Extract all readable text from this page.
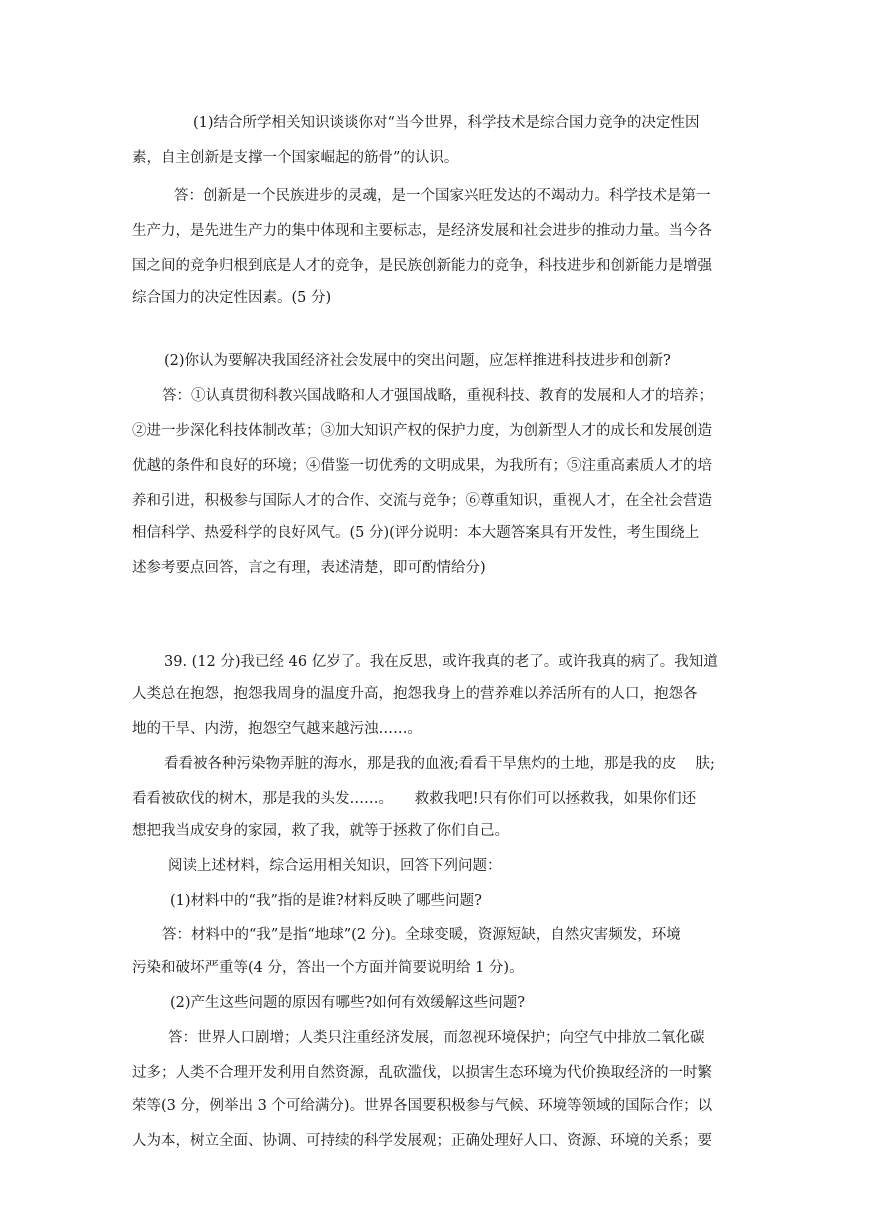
(1)结合所学相关知识谈谈你对“当今世界，科学技术是综合国力竞争的决定性因
素，自主创新是支撑一个国家崛起的筋骨”的认识。
答：创新是一个民族进步的灵魂，是一个国家兴旺发达的不竭动力。科学技术是第一
生产力，是先进生产力的集中体现和主要标志，是经济发展和社会进步的推动力量。当今各
国之间的竞争归根到底是人才的竞争，是民族创新能力的竞争，科技进步和创新能力是增强
综合国力的决定性因素。(5 分)
(2)你认为要解决我国经济社会发展中的突出问题，应怎样推进科技进步和创新?
答：①认真贯彻科教兴国战略和人才强国战略，重视科技、教育的发展和人才的培养；
②进一步深化科技体制改革；③加大知识产权的保护力度，为创新型人才的成长和发展创造
优越的条件和良好的环境；④借鉴一切优秀的文明成果，为我所有；⑤注重高素质人才的培
养和引进，积极参与国际人才的合作、交流与竞争；⑥尊重知识，重视人才，在全社会营造
相信科学、热爱科学的良好风气。(5 分)(评分说明：本大题答案具有开发性，考生围绕上
述参考要点回答，言之有理，表述清楚，即可酌情给分)
39. (12 分)我已经 46 亿岁了。我在反思，或许我真的老了。或许我真的病了。我知道
人类总在抱怨，抱怨我周身的温度升高，抱怨我身上的营养难以养活所有的人口，抱怨各
地的干旱、内涝，抱怨空气越来越污浊……。
看看被各种污染物弄脏的海水，那是我的血液;看看干旱焦灼的土地，那是我的皮　 肤;
看看被砍伐的树木，那是我的头发……。　　救救我吧!只有你们可以拯救我，如果你们还
想把我当成安身的家园，救了我，就等于拯救了你们自己。
阅读上述材料，综合运用相关知识，回答下列问题：
(1)材料中的“我”指的是谁?材料反映了哪些问题?
答：材料中的“我”是指“地球”(2 分)。全球变暖，资源短缺，自然灾害频发，环境
污染和破坏严重等(4 分，答出一个方面并简要说明给 1 分)。
(2)产生这些问题的原因有哪些?如何有效缓解这些问题?
答：世界人口剧增；人类只注重经济发展，而忽视环境保护；向空气中排放二氧化碳
过多；人类不合理开发利用自然资源，乱砍滥伐，以损害生态环境为代价换取经济的一时繁
荣等(3 分，例举出 3 个可给满分)。世界各国要积极参与气候、环境等领域的国际合作；以
人为本，树立全面、协调、可持续的科学发展观；正确处理好人口、资源、环境的关系；要
